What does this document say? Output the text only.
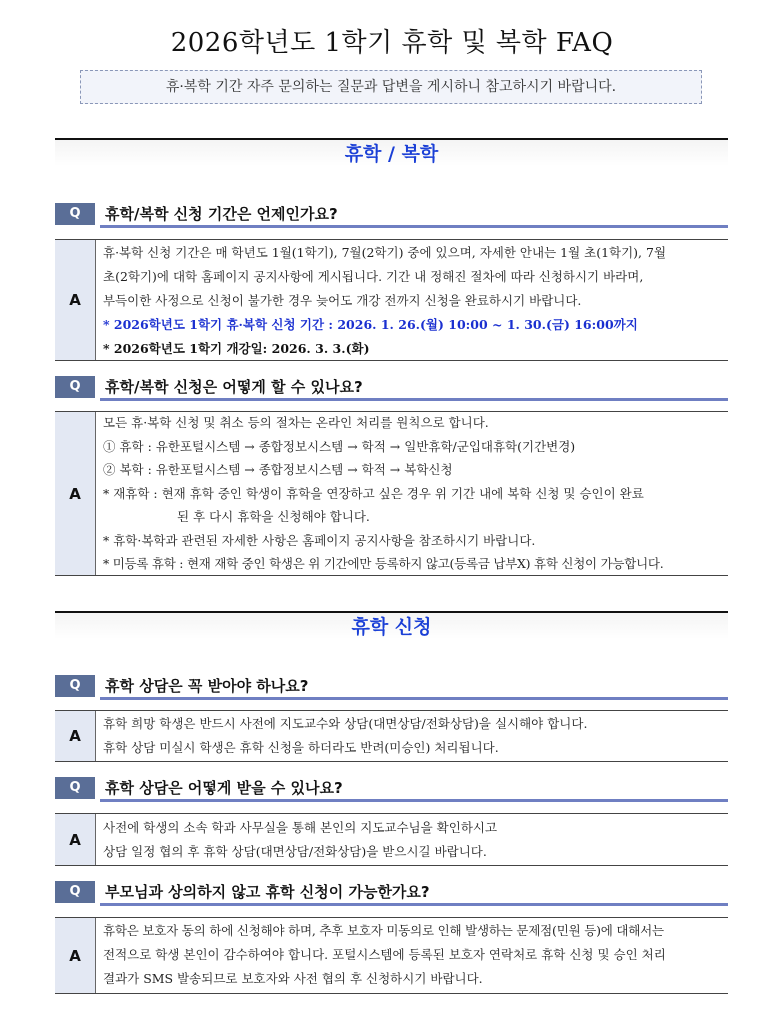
2026학년도 1학기 휴학 및 복학 FAQ
휴·복학 기간 자주 문의하는 질문과 답변을 게시하니 참고하시기 바랍니다.
휴학 / 복학
Q	휴학/복학 신청 기간은 언제인가요?
A
휴·복학 신청 기간은 매 학년도 1월(1학기), 7월(2학기) 중에 있으며, 자세한 안내는 1월 초(1학기), 7월
초(2학기)에 대학 홈페이지 공지사항에 게시됩니다. 기간 내 정해진 절차에 따라 신청하시기 바라며,
부득이한 사정으로 신청이 불가한 경우 늦어도 개강 전까지 신청을 완료하시기 바랍니다.
* 2026학년도 1학기 휴·복학 신청 기간 : 2026. 1. 26.(월) 10:00 ~ 1. 30.(금) 16:00까지
* 2026학년도 1학기 개강일: 2026. 3. 3.(화)
Q	휴학/복학 신청은 어떻게 할 수 있나요?
A
모든 휴·복학 신청 및 취소 등의 절차는 온라인 처리를 원칙으로 합니다.
① 휴학 : 유한포털시스템 → 종합정보시스템 → 학적 → 일반휴학/군입대휴학(기간변경)
② 복학 : 유한포털시스템 → 종합정보시스템 → 학적 → 복학신청
* 재휴학 : 현재 휴학 중인 학생이 휴학을 연장하고 싶은 경우 위 기간 내에 복학 신청 및 승인이 완료
된 후 다시 휴학을 신청해야 합니다.
* 휴학·복학과 관련된 자세한 사항은 홈페이지 공지사항을 참조하시기 바랍니다.
* 미등록 휴학 : 현재 재학 중인 학생은 위 기간에만 등록하지 않고(등록금 납부X) 휴학 신청이 가능합니다.
휴학 신청
Q	휴학 상담은 꼭 받아야 하나요?
A
휴학 희망 학생은 반드시 사전에 지도교수와 상담(대면상담/전화상담)을 실시해야 합니다.
휴학 상담 미실시 학생은 휴학 신청을 하더라도 반려(미승인) 처리됩니다.
Q	휴학 상담은 어떻게 받을 수 있나요?
A
사전에 학생의 소속 학과 사무실을 통해 본인의 지도교수님을 확인하시고
상담 일정 협의 후 휴학 상담(대면상담/전화상담)을 받으시길 바랍니다.
Q	부모님과 상의하지 않고 휴학 신청이 가능한가요?
A
휴학은 보호자 동의 하에 신청해야 하며, 추후 보호자 미동의로 인해 발생하는 문제점(민원 등)에 대해서는
전적으로 학생 본인이 감수하여야 합니다. 포털시스템에 등록된 보호자 연락처로 휴학 신청 및 승인 처리
결과가 SMS 발송되므로 보호자와 사전 협의 후 신청하시기 바랍니다.
